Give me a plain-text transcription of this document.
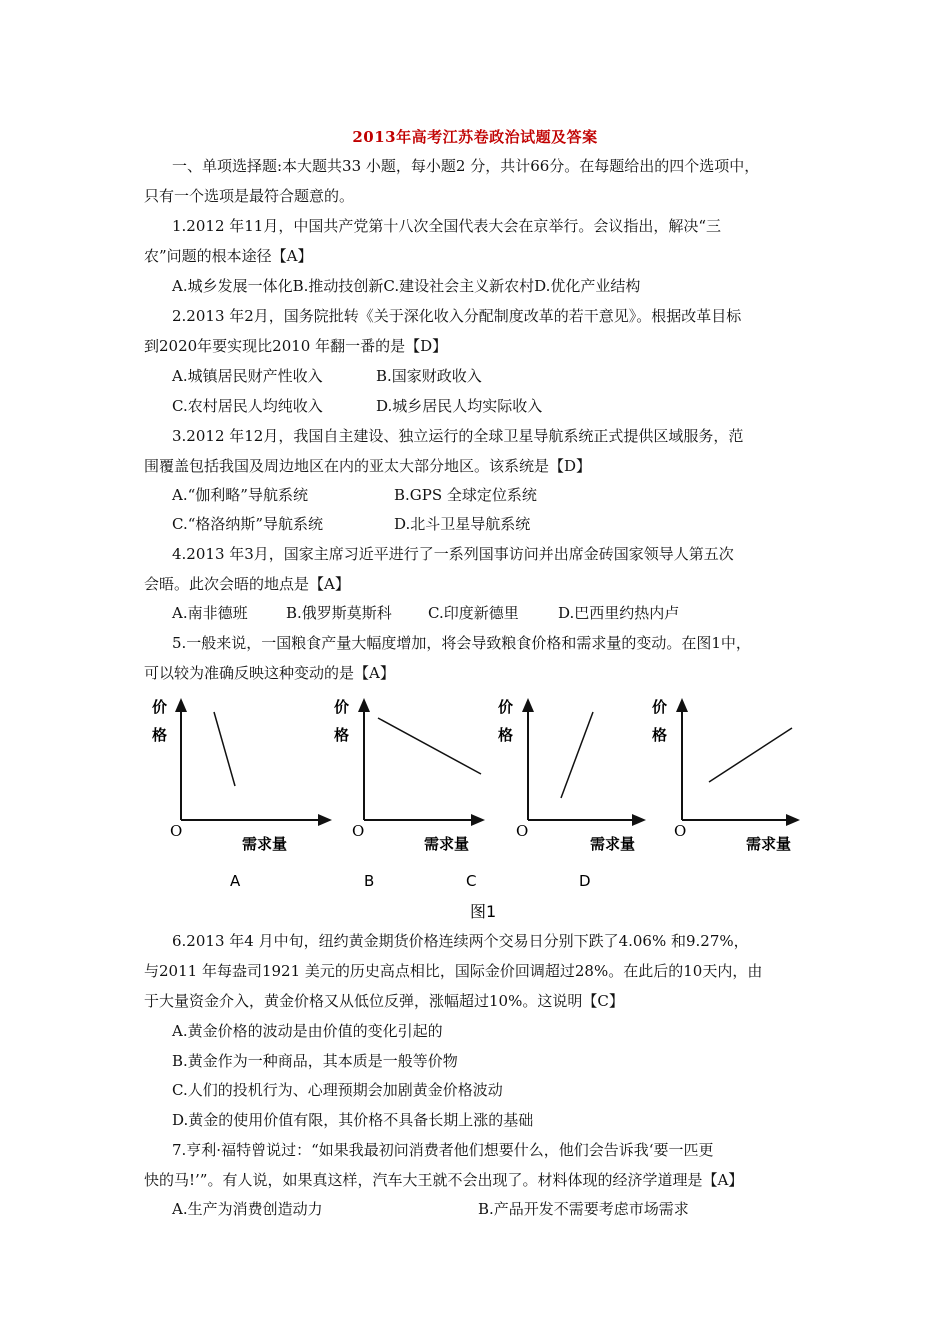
2013年高考江苏卷政治试题及答案
一、单项选择题:本大题共33 小题，每小题2 分，共计66分。在每题给出的四个选项中，
只有一个选项是最符合题意的。
1.2012 年11月，中国共产党第十八次全国代表大会在京举行。会议指出，解决“三
农”问题的根本途径【A】
A.城乡发展一体化B.推动技创新C.建设社会主义新农村D.优化产业结构
2.2013 年2月，国务院批转《关于深化收入分配制度改革的若干意见》。根据改革目标
到2020年要实现比2010 年翻一番的是【D】
A.城镇居民财产性收入	B.国家财政收入
C.农村居民人均纯收入	D.城乡居民人均实际收入
3.2012 年12月，我国自主建设、独立运行的全球卫星导航系统正式提供区域服务，范
围覆盖包括我国及周边地区在内的亚太大部分地区。该系统是【D】
A.“伽利略”导航系统	B.GPS 全球定位系统
C.“格洛纳斯”导航系统	D.北斗卫星导航系统
4.2013 年3月，国家主席习近平进行了一系列国事访问并出席金砖国家领导人第五次
会晤。此次会晤的地点是【A】
A.南非德班	B.俄罗斯莫斯科 C.印度新德里	D.巴西里约热内卢
5.一般来说，一国粮食产量大幅度增加，将会导致粮食价格和需求量的变动。在图1中，
可以较为准确反映这种变动的是【A】
价
格
O
需求量
A
价
格
O
需求量
B	C
价
格
O
需求量
D
价
格
O
需求量
图1
6.2013 年4 月中旬，纽约黄金期货价格连续两个交易日分别下跌了4.06% 和9.27%，
与2011 年每盎司1921 美元的历史高点相比，国际金价回调超过28%。在此后的10天内，由
于大量资金介入，黄金价格又从低位反弹，涨幅超过10%。这说明【C】
A.黄金价格的波动是由价值的变化引起的
B.黄金作为一种商品，其本质是一般等价物
C.人们的投机行为、心理预期会加剧黄金价格波动
D.黄金的使用价值有限，其价格不具备长期上涨的基础
7.亨利·福特曾说过：“如果我最初问消费者他们想要什么，他们会告诉我‘要一匹更
快的马!’”。有人说，如果真这样，汽车大王就不会出现了。材料体现的经济学道理是【A】
A.生产为消费创造动力	B.产品开发不需要考虑市场需求
